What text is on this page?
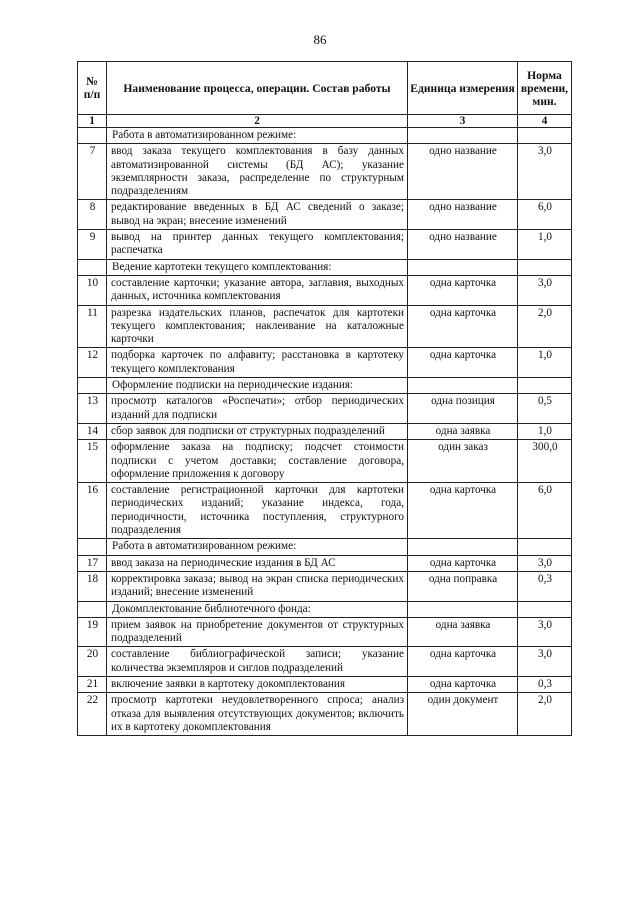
86
№
п/п	Наименование процесса, операции. Состав работы	Единица измерения	Норма времени, мин.
1	2	3	4
	Работа в автоматизированном режиме:		
7	ввод заказа текущего комплектования в базу данных автоматизированной системы (БД АС); указание экземплярности заказа, распределение по структурным подразделениям	одно название	3,0
8	редактирование введенных в БД АС сведений о заказе; вывод на экран; внесение изменений	одно название	6,0
9	вывод на принтер данных текущего комплектования; распечатка	одно название	1,0
	Ведение картотеки текущего комплектования:		
10	составление карточки; указание автора, заглавия, выходных данных, источника комплектования	одна карточка	3,0
11	разрезка издательских планов, распечаток для картотеки текущего комплектования; наклеивание на каталожные карточки	одна карточка	2,0
12	подборка карточек по алфавиту; расстановка в картотеку текущего комплектования	одна карточка	1,0
	Оформление подписки на периодические издания:		
13	просмотр каталогов «Роспечати»; отбор периодических изданий для подписки	одна позиция	0,5
14	сбор заявок для подписки от структурных подразделений	одна заявка	1,0
15	оформление заказа на подписку; подсчет стоимости подписки с учетом доставки; составление договора, оформление приложения к договору	один заказ	300,0
16	составление регистрационной карточки для картотеки периодических изданий; указание индекса, года, периодичности, источника поступления, структурного подразделения	одна карточка	6,0
	Работа в автоматизированном режиме:		
17	ввод заказа на периодические издания в БД АС	одна карточка	3,0
18	корректировка заказа; вывод на экран списка периодических изданий; внесение изменений	одна поправка	0,3
	Докомплектование библиотечного фонда:		
19	прием заявок на приобретение документов от структурных подразделений	одна заявка	3,0
20	составление библиографической записи; указание количества экземпляров и сиглов подразделений	одна карточка	3,0
21	включение заявки в картотеку докомплектования	одна карточка	0,3
22	просмотр картотеки неудовлетворенного спроса; анализ отказа для выявления отсутствующих документов; включить их в картотеку докомплектования	один документ	2,0
